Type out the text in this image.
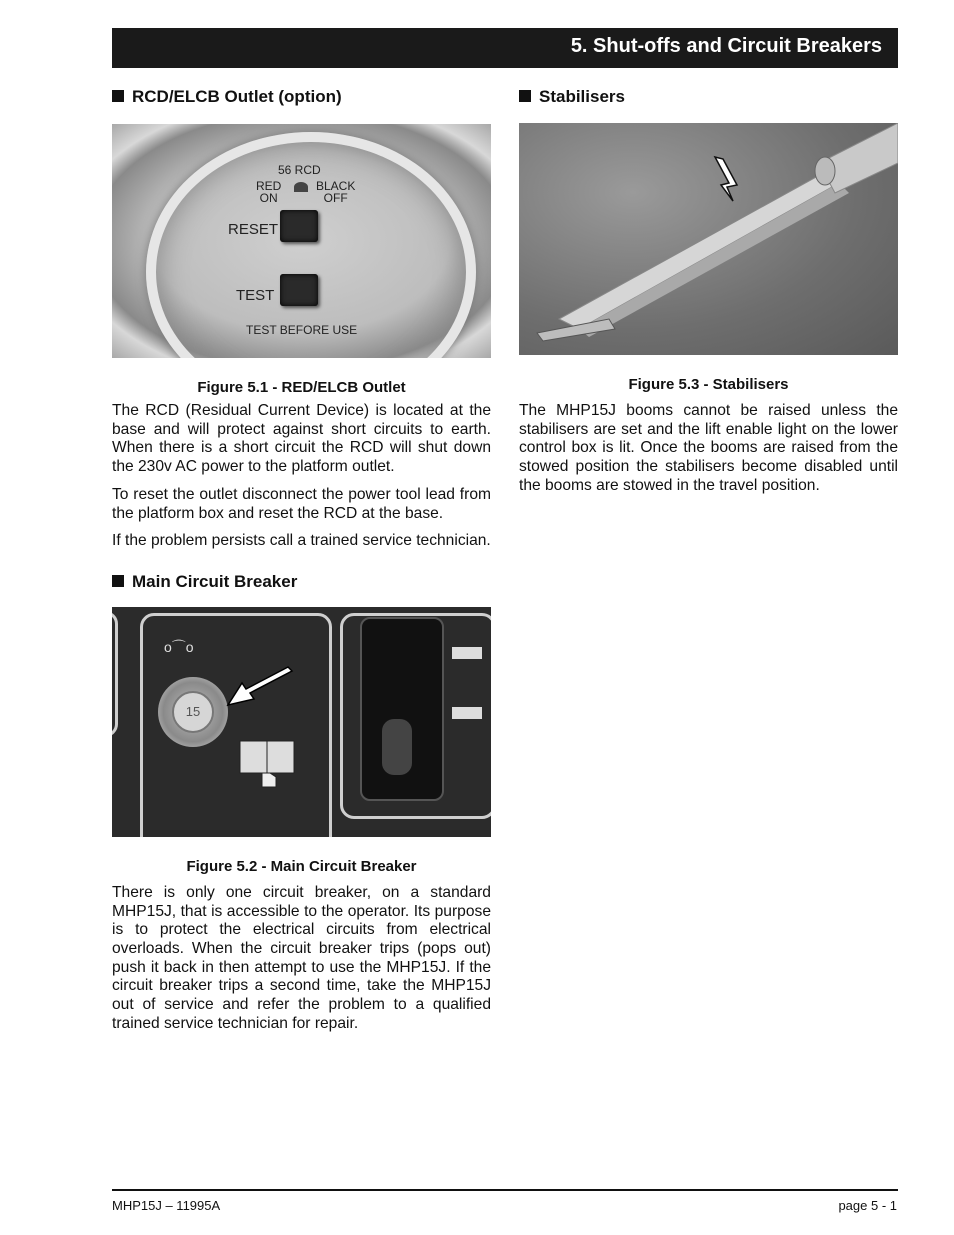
5. Shut-offs and Circuit Breakers
RCD/ELCB Outlet (option)
56 RCD
RED
ON
BLACK
OFF
RESET
TEST
TEST BEFORE USE
Figure 5.1 - RED/ELCB Outlet

The RCD (Residual Current Device) is located at the base and will protect against short circuits to earth. When there is a short circuit the RCD will shut down the 230v AC power to the platform outlet.

To reset the outlet disconnect the power tool lead from the platform box and reset the RCD at the base.

If the problem persists call a trained service technician.

Main Circuit Breaker
o⌒o
15
Figure 5.2 - Main Circuit Breaker

There is only one circuit breaker, on a standard MHP15J, that is accessible to the operator. Its purpose is to protect the electrical circuits from electrical overloads. When the circuit breaker trips (pops out) push it back in then attempt to use the MHP15J. If the circuit breaker trips a second time, take the MHP15J out of service and refer the problem to a qualified trained service technician for repair.

Stabilisers
Figure 5.3 - Stabilisers

The MHP15J booms cannot be raised unless the stabilisers are set and the lift enable light on the lower control box is lit. Once the booms are raised from the stowed position the stabilisers become disabled until the booms are stowed in the travel position.

MHP15J – 11995A	page 5 - 1
